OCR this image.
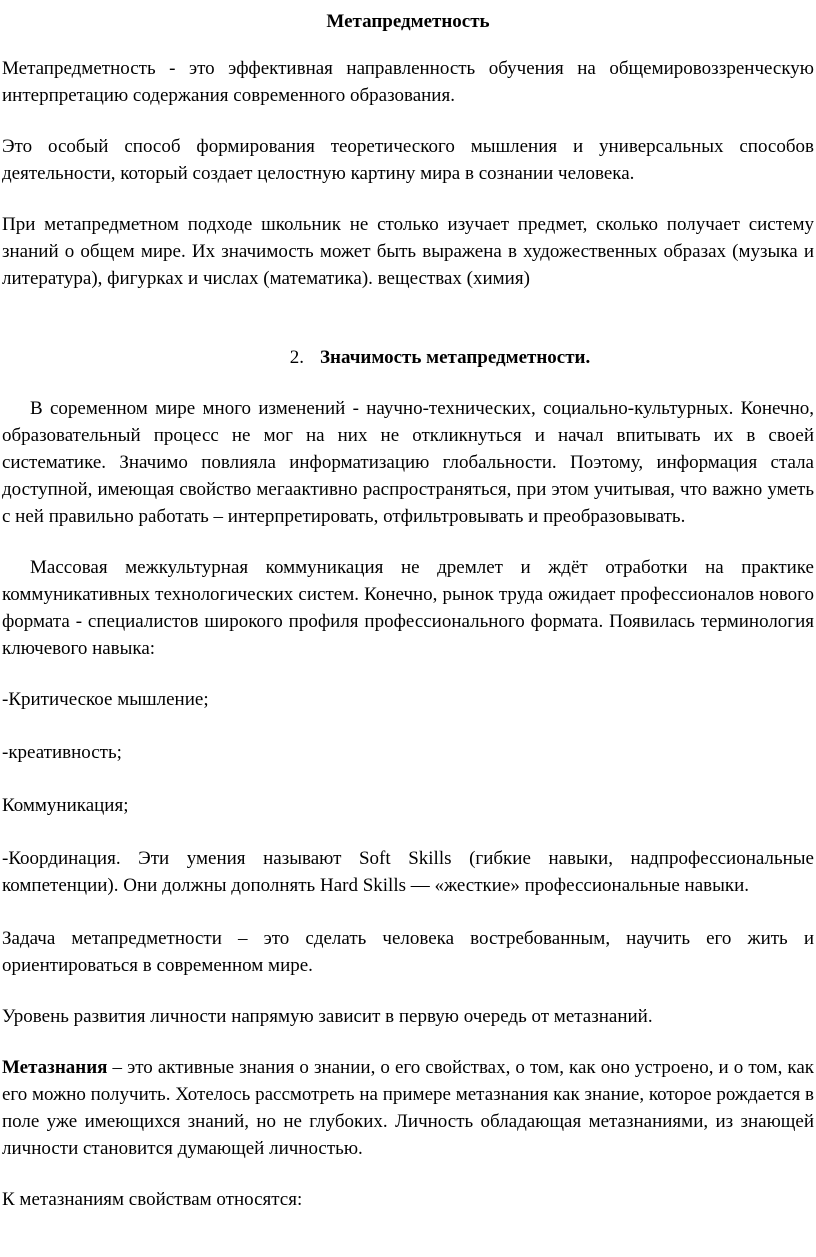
Метапредметность

Метапредметность - это эффективная направленность обучения на общемировоззренческую интерпретацию содержания современного образования.

Это особый способ формирования теоретического мышления и универсальных способов деятельности, который создает целостную картину мира в сознании человека.

При метапредметном подходе школьник не столько изучает предмет, сколько получает систему знаний о общем мире. Их значимость может быть выражена в художественных образах (музыка и литература), фигурках и числах (математика). веществах (химия)

2. Значимость метапредметности.

В соременном мире много изменений - научно-технических, социально-культурных. Конечно, образовательный процесс не мог на них не откликнуться и начал впитывать их в своей систематике. Значимо повлияла информатизацию глобальности. Поэтому, информация стала доступной, имеющая свойство мегаактивно распространяться, при этом учитывая, что важно уметь с ней правильно работать – интерпретировать, отфильтровывать и преобразовывать.

Массовая межкультурная коммуникация не дремлет и ждёт отработки на практике коммуникативных технологических систем. Конечно, рынок труда ожидает профессионалов нового формата - специалистов широкого профиля профессионального формата. Появилась терминология ключевого навыка:

-Критическое мышление;

-креативность;

Коммуникация;

-Координация. Эти умения называют Soft Skills (гибкие навыки, надпрофессиональные компетенции). Они должны дополнять Hard Skills — «жесткие» профессиональные навыки.

Задача метапредметности – это сделать человека востребованным, научить его жить и ориентироваться в современном мире.

Уровень развития личности напрямую зависит в первую очередь от метазнаний.

Метазнания – это активные знания о знании, о его свойствах, о том, как оно устроено, и о том, как его можно получить. Хотелось рассмотреть на примере метазнания как знание, которое рождается в поле уже имеющихся знаний, но не глубоких. Личность обладающая метазнаниями, из знающей личности становится думающей личностью.

К метазнаниям свойствам относятся:
